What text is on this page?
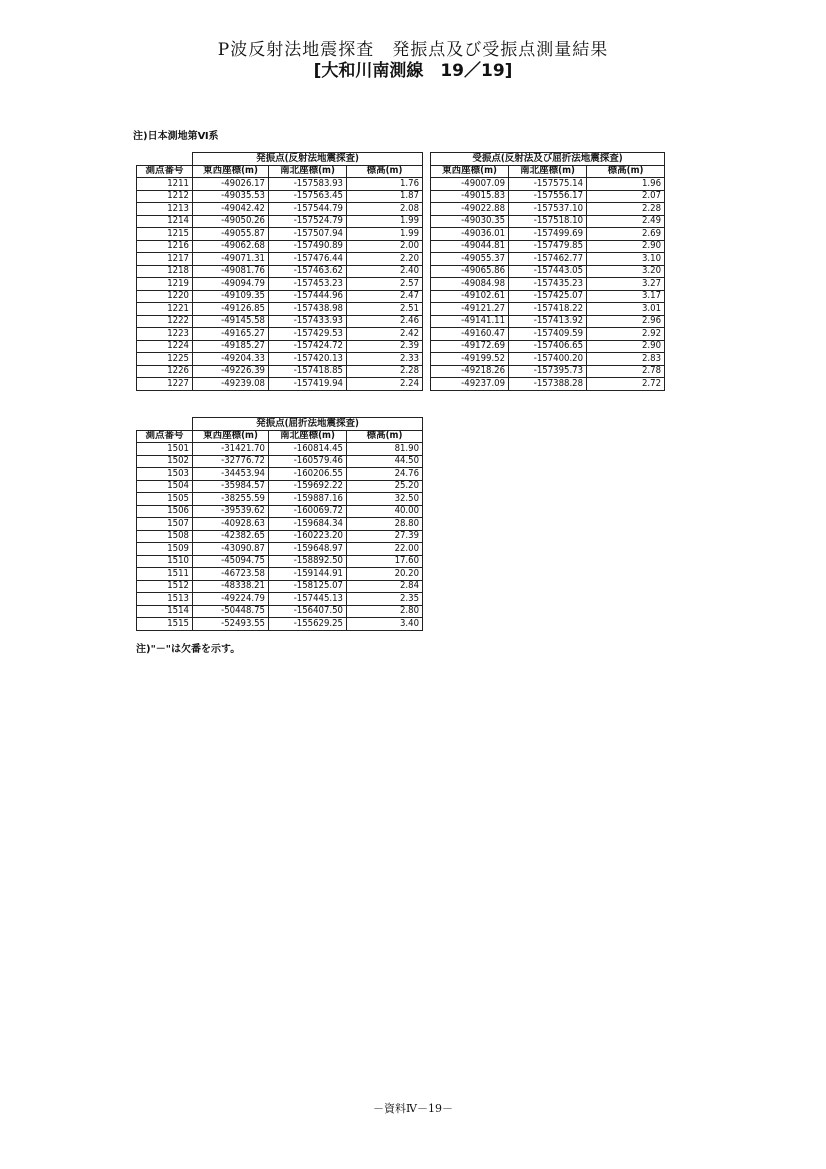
P波反射法地震探査　発振点及び受振点測量結果
[大和川南測線　19／19]
注)日本測地第Ⅵ系
	発振点(反射法地震探査)				受振点(反射法及び屈折法地震探査)		
測点番号	東西座標(m)	南北座標(m)	標高(m)		東西座標(m)	南北座標(m)	標高(m)
1211	-49026.17	-157583.93	1.76		-49007.09	-157575.14	1.96
1212	-49035.53	-157563.45	1.87		-49015.83	-157556.17	2.07
1213	-49042.42	-157544.79	2.08		-49022.88	-157537.10	2.28
1214	-49050.26	-157524.79	1.99		-49030.35	-157518.10	2.49
1215	-49055.87	-157507.94	1.99		-49036.01	-157499.69	2.69
1216	-49062.68	-157490.89	2.00		-49044.81	-157479.85	2.90
1217	-49071.31	-157476.44	2.20		-49055.37	-157462.77	3.10
1218	-49081.76	-157463.62	2.40		-49065.86	-157443.05	3.20
1219	-49094.79	-157453.23	2.57		-49084.98	-157435.23	3.27
1220	-49109.35	-157444.96	2.47		-49102.61	-157425.07	3.17
1221	-49126.85	-157438.98	2.51		-49121.27	-157418.22	3.01
1222	-49145.58	-157433.93	2.46		-49141.11	-157413.92	2.96
1223	-49165.27	-157429.53	2.42		-49160.47	-157409.59	2.92
1224	-49185.27	-157424.72	2.39		-49172.69	-157406.65	2.90
1225	-49204.33	-157420.13	2.33		-49199.52	-157400.20	2.83
1226	-49226.39	-157418.85	2.28		-49218.26	-157395.73	2.78
1227	-49239.08	-157419.94	2.24		-49237.09	-157388.28	2.72
	発振点(屈折法地震探査)		
測点番号	東西座標(m)	南北座標(m)	標高(m)
1501	-31421.70	-160814.45	81.90
1502	-32776.72	-160579.46	44.50
1503	-34453.94	-160206.55	24.76
1504	-35984.57	-159692.22	25.20
1505	-38255.59	-159887.16	32.50
1506	-39539.62	-160069.72	40.00
1507	-40928.63	-159684.34	28.80
1508	-42382.65	-160223.20	27.39
1509	-43090.87	-159648.97	22.00
1510	-45094.75	-158892.50	17.60
1511	-46723.58	-159144.91	20.20
1512	-48338.21	-158125.07	2.84
1513	-49224.79	-157445.13	2.35
1514	-50448.75	-156407.50	2.80
1515	-52493.55	-155629.25	3.40
注)"－"は欠番を示す。
－資料Ⅳ－19－
